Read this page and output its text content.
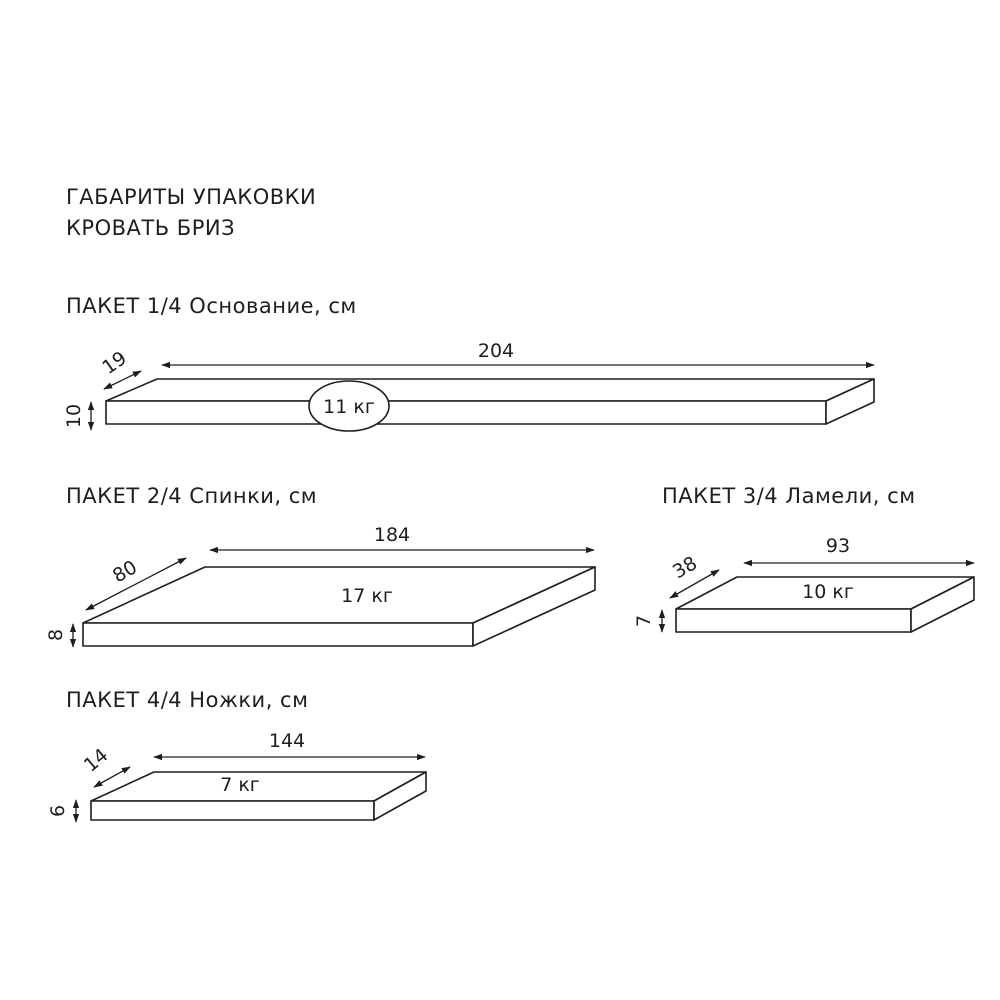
ГАБАРИТЫ УПАКОВКИ
КРОВАТЬ БРИЗ
ПАКЕТ 1/4 Основание, см
11 кг
204
19
10
ПАКЕТ 2/4 Спинки, см
17 кг
184
80
8
ПАКЕТ 3/4 Ламели, см
10 кг
93
38
7
ПАКЕТ 4/4 Ножки, см
7 кг
144
14
6
